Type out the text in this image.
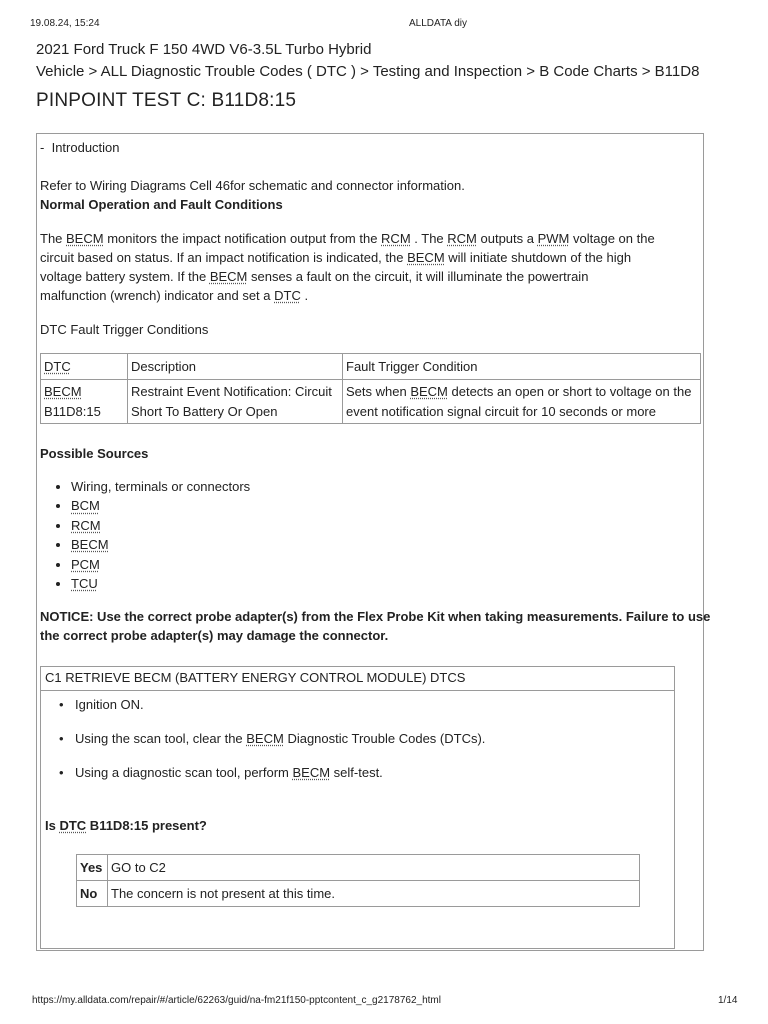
19.08.24, 15:24	ALLDATA diy
2021 Ford Truck F 150 4WD V6-3.5L Turbo Hybrid
Vehicle > ALL Diagnostic Trouble Codes ( DTC ) > Testing and Inspection > B Code Charts > B11D8
PINPOINT TEST C: B11D8:15
- Introduction
Refer to Wiring Diagrams Cell 46for schematic and connector information.
Normal Operation and Fault Conditions
The BECM monitors the impact notification output from the RCM . The RCM outputs a PWM voltage on the
circuit based on status. If an impact notification is indicated, the BECM will initiate shutdown of the high
voltage battery system. If the BECM senses a fault on the circuit, it will illuminate the powertrain
malfunction (wrench) indicator and set a DTC .
DTC Fault Trigger Conditions
DTC	Description	Fault Trigger Condition
BECM
B11D8:15	Restraint Event Notification: Circuit Short To Battery Or Open	Sets when BECM detects an open or short to voltage on the event notification signal circuit for 10 seconds or more
Possible Sources
• Wiring, terminals or connectors
• BCM
• RCM
• BECM
• PCM
• TCU
NOTICE: Use the correct probe adapter(s) from the Flex Probe Kit when taking measurements. Failure to use
the correct probe adapter(s) may damage the connector.
C1 RETRIEVE BECM (BATTERY ENERGY CONTROL MODULE) DTCS
• Ignition ON.
• Using the scan tool, clear the BECM Diagnostic Trouble Codes (DTCs).
• Using a diagnostic scan tool, perform BECM self-test.
Is DTC B11D8:15 present?
Yes	GO to C2
No	The concern is not present at this time.
https://my.alldata.com/repair/#/article/62263/guid/na-fm21f150-pptcontent_c_g2178762_html	1/14
